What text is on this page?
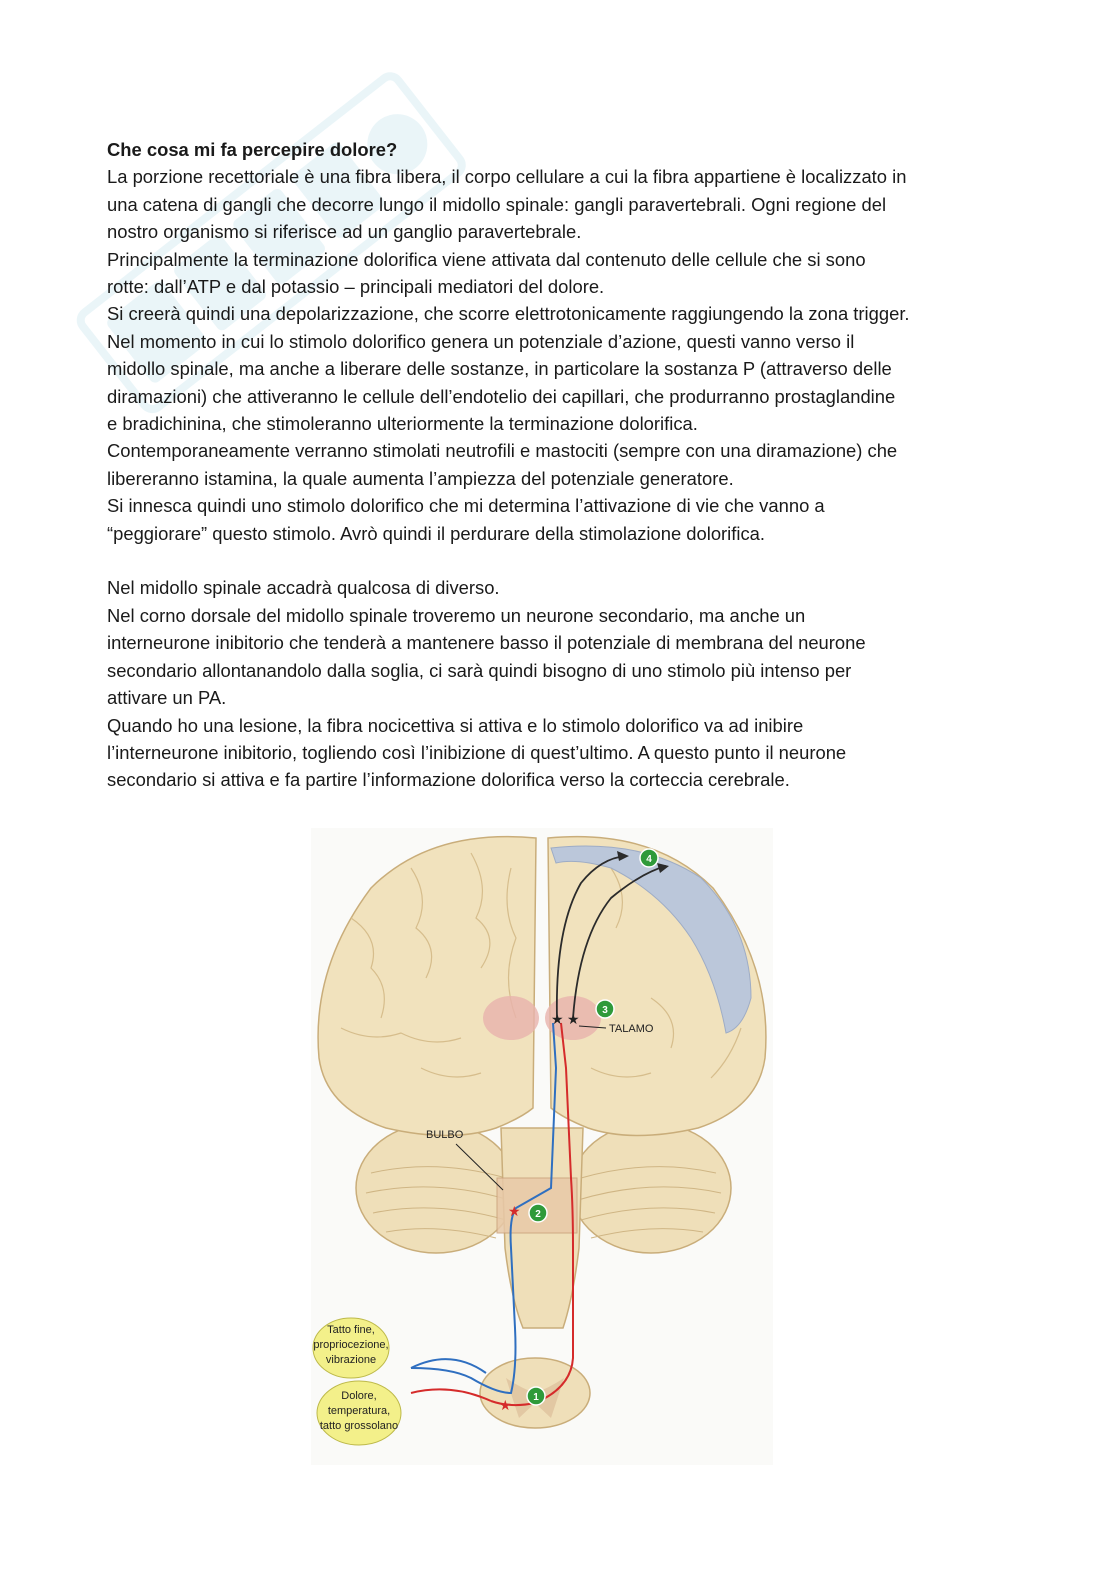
Che cosa mi fa percepire dolore?

La porzione recettoriale è una fibra libera, il corpo cellulare a cui la fibra appartiene è localizzato in

una catena di gangli che decorre lungo il midollo spinale: gangli paravertebrali. Ogni regione del

nostro organismo si riferisce ad un ganglio paravertebrale.

Principalmente la terminazione dolorifica viene attivata dal contenuto delle cellule che si sono

rotte: dall’ATP e dal potassio – principali mediatori del dolore.

Si creerà quindi una depolarizzazione, che scorre elettrotonicamente raggiungendo la zona trigger.

Nel momento in cui lo stimolo dolorifico genera un potenziale d’azione, questi vanno verso il

midollo spinale, ma anche a liberare delle sostanze, in particolare la sostanza P (attraverso delle

diramazioni) che attiveranno le cellule dell’endotelio dei capillari, che produrranno prostaglandine

e bradichinina, che stimoleranno ulteriormente la terminazione dolorifica.

Contemporaneamente verranno stimolati neutrofili e mastociti (sempre con una diramazione) che

libereranno istamina, la quale aumenta l’ampiezza del potenziale generatore.

Si innesca quindi uno stimolo dolorifico che mi determina l’attivazione di vie che vanno a

“peggiorare” questo stimolo. Avrò quindi il perdurare della stimolazione dolorifica.

Nel midollo spinale accadrà qualcosa di diverso.

Nel corno dorsale del midollo spinale troveremo un neurone secondario, ma anche un

interneurone inibitorio che tenderà a mantenere basso il potenziale di membrana del neurone

secondario allontanandolo dalla soglia, ci sarà quindi bisogno di uno stimolo più intenso per

attivare un PA.

Quando ho una lesione, la fibra nocicettiva si attiva e lo stimolo dolorifico va ad inibire

l’interneurone inibitorio, togliendo così l’inibizione di quest’ultimo. A questo punto il neurone

secondario si attiva e fa partire l’informazione dolorifica verso la corteccia cerebrale.

★ ★
★
★
1
2
3
4
TALAMO
BULBO
Tatto fine,
propriocezione,
vibrazione
Dolore,
temperatura,
tatto grossolano
